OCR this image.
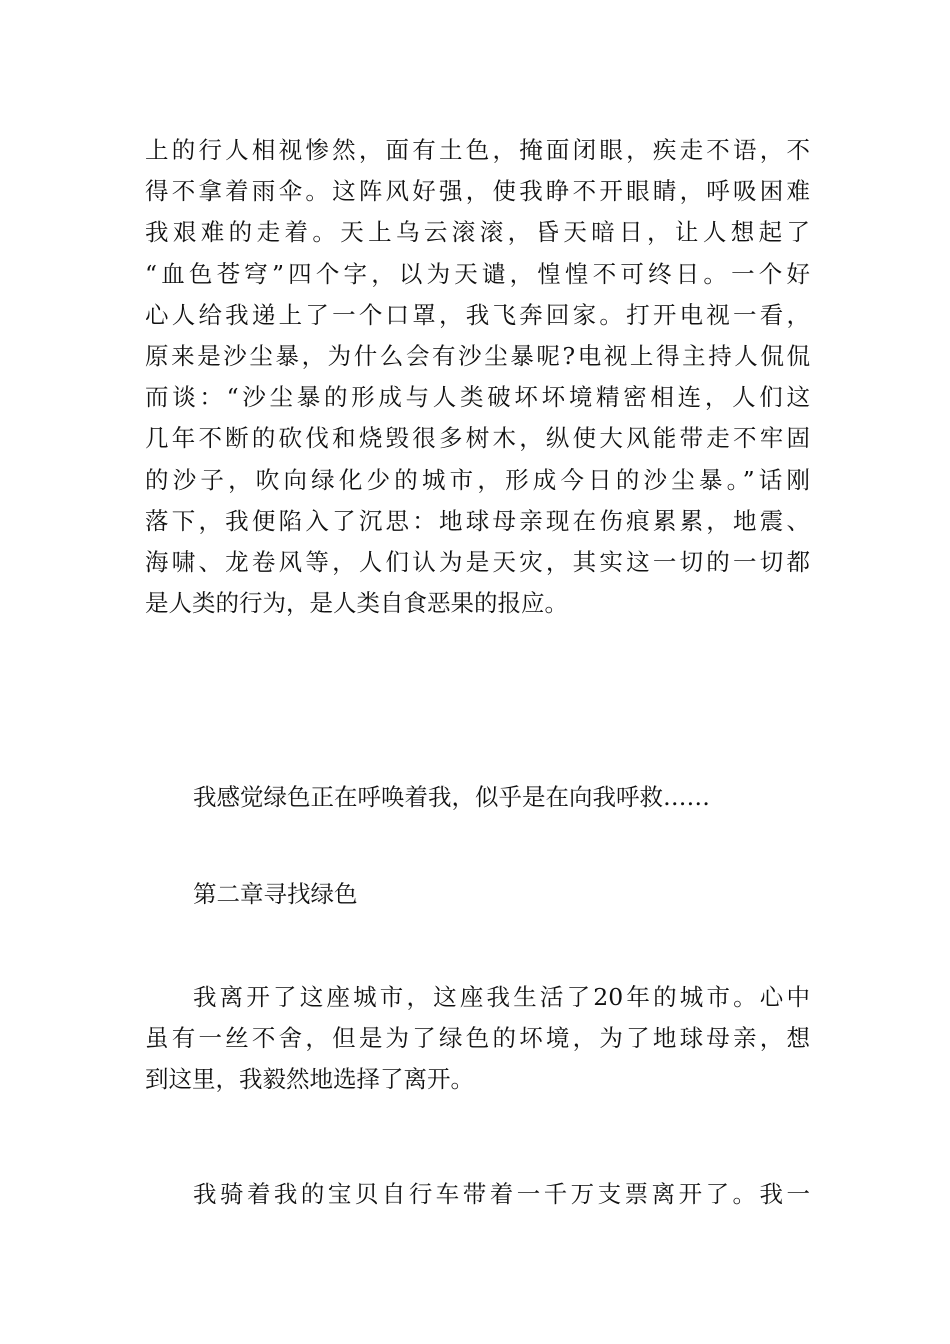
上的行人相视惨然，面有土色，掩面闭眼，疾走不语，不
得不拿着雨伞。这阵风好强，使我睁不开眼睛，呼吸困难
我艰难的走着。天上乌云滚滚，昏天暗日，让人想起了
“血色苍穹”四个字，以为天谴，惶惶不可终日。一个好
心人给我递上了一个口罩，我飞奔回家。打开电视一看，
原来是沙尘暴，为什么会有沙尘暴呢?电视上得主持人侃侃
而谈：“沙尘暴的形成与人类破坏坏境精密相连，人们这
几年不断的砍伐和烧毁很多树木，纵使大风能带走不牢固
的沙子，吹向绿化少的城市，形成今日的沙尘暴。”话刚
落下，我便陷入了沉思：地球母亲现在伤痕累累，地震、
海啸、龙卷风等，人们认为是天灾，其实这一切的一切都
是人类的行为，是人类自食恶果的报应。
我感觉绿色正在呼唤着我，似乎是在向我呼救……
第二章寻找绿色
我离开了这座城市，这座我生活了20年的城市。心中
虽有一丝不舍，但是为了绿色的坏境，为了地球母亲，想
到这里，我毅然地选择了离开。
我骑着我的宝贝自行车带着一千万支票离开了。我一
